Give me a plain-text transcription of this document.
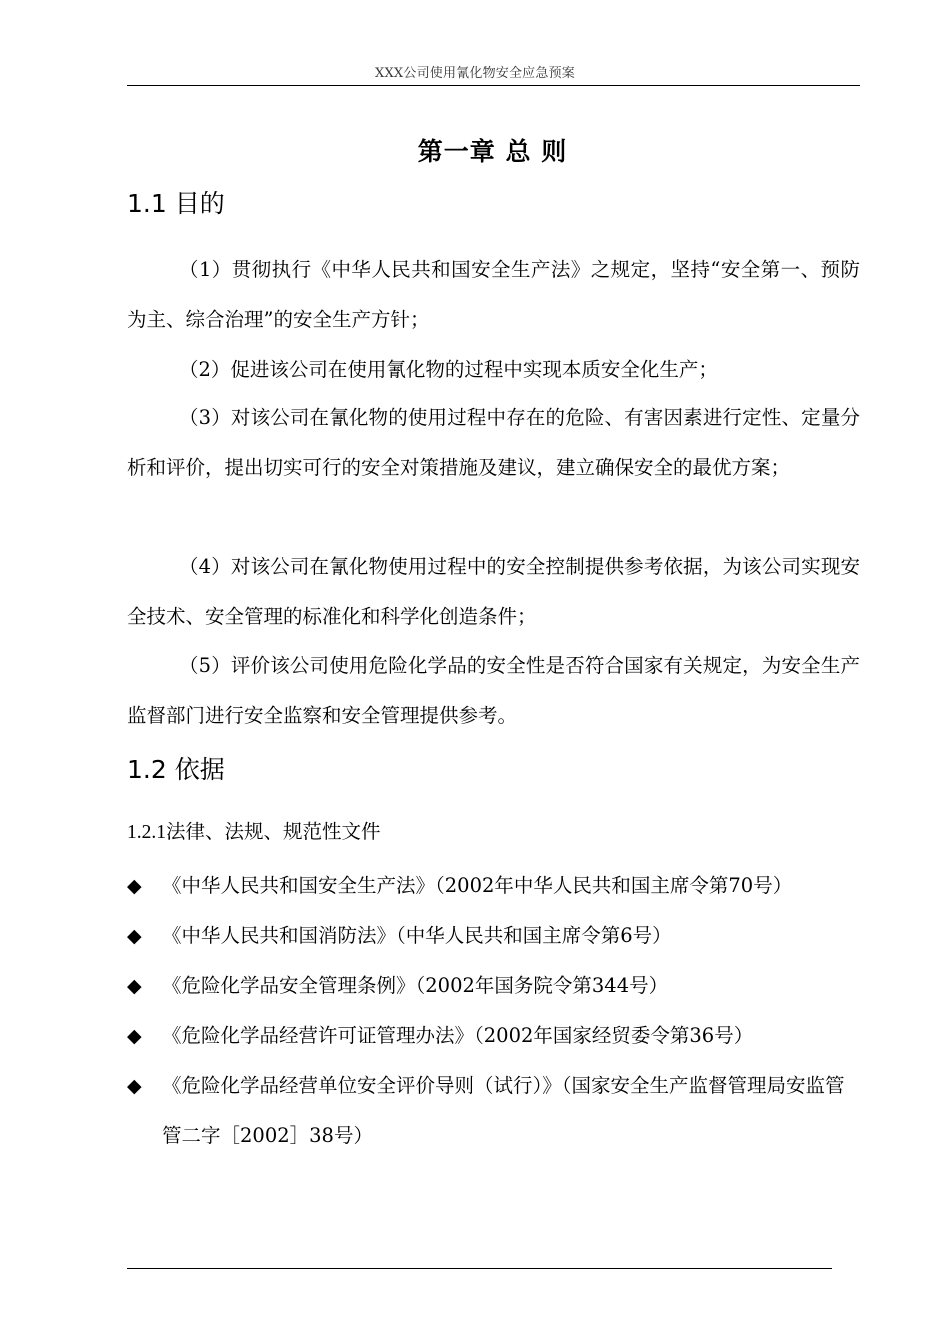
XXX公司使用氰化物安全应急预案
第一章 总 则
1.1 目的
（1）贯彻执行《中华人民共和国安全生产法》之规定，坚持“安全第一、预防为主、综合治理”的安全生产方针；
（2）促进该公司在使用氰化物的过程中实现本质安全化生产；
（3）对该公司在氰化物的使用过程中存在的危险、有害因素进行定性、定量分析和评价，提出切实可行的安全对策措施及建议，建立确保安全的最优方案；
（4）对该公司在氰化物使用过程中的安全控制提供参考依据，为该公司实现安全技术、安全管理的标准化和科学化创造条件；
（5）评价该公司使用危险化学品的安全性是否符合国家有关规定，为安全生产监督部门进行安全监察和安全管理提供参考。
1.2 依据
1.2.1法律、法规、规范性文件
◆ 《中华人民共和国安全生产法》（2002年中华人民共和国主席令第70号）
◆ 《中华人民共和国消防法》（中华人民共和国主席令第6号）
◆ 《危险化学品安全管理条例》（2002年国务院令第344号）
◆ 《危险化学品经营许可证管理办法》（2002年国家经贸委令第36号）
◆ 《危险化学品经营单位安全评价导则（试行）》（国家安全生产监督管理局安监管管二字［2002］38号）
